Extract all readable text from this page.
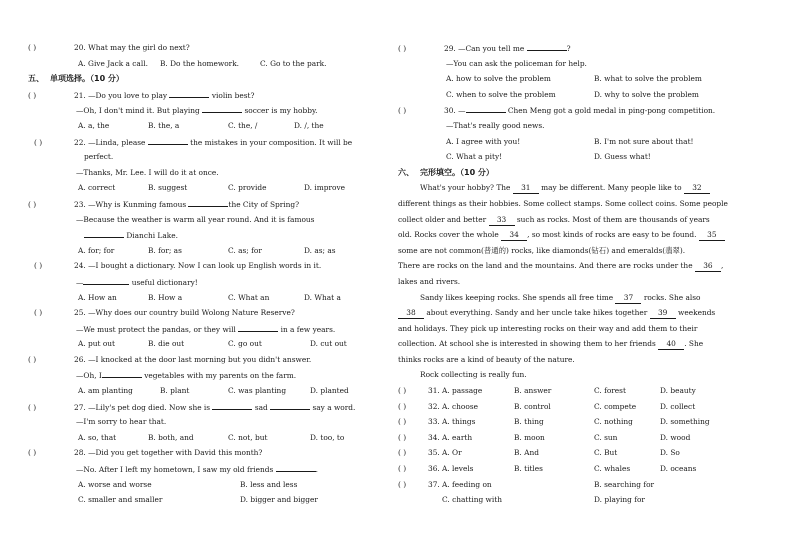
( )	20. What may the girl do next?
A. Give Jack a call. B. Do the homework.	C. Go to the park.
五、 单项选择。（10 分）
( )	21. —Do you love to play	violin best?
—Oh, I don't mind it. But playing	soccer is my hobby.
A. a, the	B. the, a	C. the, /	D. /, the
( )	22. —Linda, please	the mistakes in your composition. It will be
perfect.
—Thanks, Mr. Lee. I will do it at once.
A. correct	B. suggest	C. provide	D. improve
( )	23. —Why is Kunming famous	the City of Spring?
—Because the weather is warm all year round. And it is famous
Dianchi Lake.
A. for; for	B. for; as	C. as; for	D. as; as
( )	24. —I bought a dictionary. Now I can look up English words in it.
—	useful dictionary!
A. How an	B. How a	C. What an	D. What a
( )	25. —Why does our country build Wolong Nature Reserve?
—We must protect the pandas, or they will	in a few years.
A. put out	B. die out	C. go out	D. cut out
( )	26. —I knocked at the door last morning but you didn't answer.
—Oh, I	vegetables with my parents on the farm.
A. am planting	B. plant	C. was planting	D. planted
( )	27. —Lily's pet dog died. Now she is	sad	say a word.
—I'm sorry to hear that.
A. so, that	B. both, and	C. not, but	D. too, to
( )	28. —Did you get together with David this month?
—No. After I left my hometown, I saw my old friends	.
A. worse and worse	B. less and less
C. smaller and smaller	D. bigger and bigger
( )	29. —Can you tell me	?
—You can ask the policeman for help.
A. how to solve the problem	B. what to solve the problem
C. when to solve the problem	D. why to solve the problem
( )	30. —	Chen Meng got a gold medal in ping-pong competition.
—That's really good news.
A. I agree with you!	B. I'm not sure about that!
C. What a pity!	D. Guess what!
六、 完形填空。（10 分）
What's your hobby? The 31 may be different. Many people like to 32
different things as their hobbies. Some collect stamps. Some collect coins. Some people
collect older and better 33 such as rocks. Most of them are thousands of years
old. Rocks cover the whole 34 , so most kinds of rocks are easy to be found. 35
some are not common(普通的) rocks, like diamonds(钻石) and emeralds(翡翠).
There are rocks on the land and the mountains. And there are rocks under the 36 ,
lakes and rivers.
Sandy likes keeping rocks. She spends all free time 37 rocks. She also
38 about everything. Sandy and her uncle take hikes together 39 weekends
and holidays. They pick up interesting rocks on their way and add them to their
collection. At school she is interested in showing them to her friends 40 . She
thinks rocks are a kind of beauty of the nature.
Rock collecting is really fun.
( )	31. A. passage	B. answer	C. forest	D. beauty
( )	32. A. choose	B. control	C. compete	D. collect
( )	33. A. things	B. thing	C. nothing	D. something
( )	34. A. earth	B. moon	C. sun	D. wood
( )	35. A. Or	B. And	C. But	D. So
( )	36. A. levels	B. titles	C. whales	D. oceans
( )	37. A. feeding on	B. searching for
C. chatting with	D. playing for
